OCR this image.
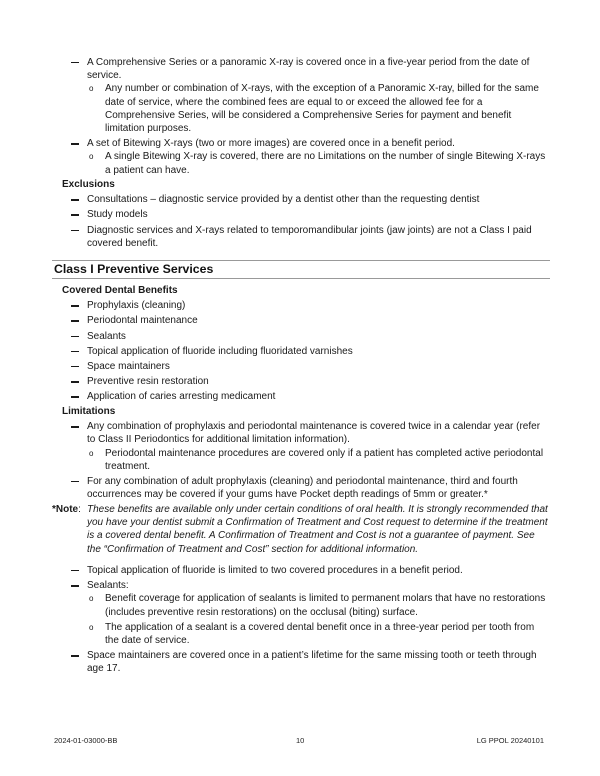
A Comprehensive Series or a panoramic X-ray is covered once in a five-year period from the date of service.
o Any number or combination of X-rays, with the exception of a Panoramic X-ray, billed for the same date of service, where the combined fees are equal to or exceed the allowed fee for a Comprehensive Series, will be considered a Comprehensive Series for payment and benefit limitation purposes.
A set of Bitewing X-rays (two or more images) are covered once in a benefit period.
o A single Bitewing X-ray is covered, there are no Limitations on the number of single Bitewing X-rays a patient can have.
Exclusions
Consultations – diagnostic service provided by a dentist other than the requesting dentist
Study models
Diagnostic services and X-rays related to temporomandibular joints (jaw joints) are not a Class I paid covered benefit.
Class I Preventive Services
Covered Dental Benefits
Prophylaxis (cleaning)
Periodontal maintenance
Sealants
Topical application of fluoride including fluoridated varnishes
Space maintainers
Preventive resin restoration
Application of caries arresting medicament
Limitations
Any combination of prophylaxis and periodontal maintenance is covered twice in a calendar year (refer to Class II Periodontics for additional limitation information).
o Periodontal maintenance procedures are covered only if a patient has completed active periodontal treatment.
For any combination of adult prophylaxis (cleaning) and periodontal maintenance, third and fourth occurrences may be covered if your gums have Pocket depth readings of 5mm or greater.*
*Note: These benefits are available only under certain conditions of oral health. It is strongly recommended that you have your dentist submit a Confirmation of Treatment and Cost request to determine if the treatment is a covered dental benefit. A Confirmation of Treatment and Cost is not a guarantee of payment. See the “Confirmation of Treatment and Cost” section for additional information.
Topical application of fluoride is limited to two covered procedures in a benefit period.
Sealants:
o Benefit coverage for application of sealants is limited to permanent molars that have no restorations (includes preventive resin restorations) on the occlusal (biting) surface.
o The application of a sealant is a covered dental benefit once in a three-year period per tooth from the date of service.
Space maintainers are covered once in a patient’s lifetime for the same missing tooth or teeth through age 17.
2024-01-03000-BB	10	LG PPOL 20240101
